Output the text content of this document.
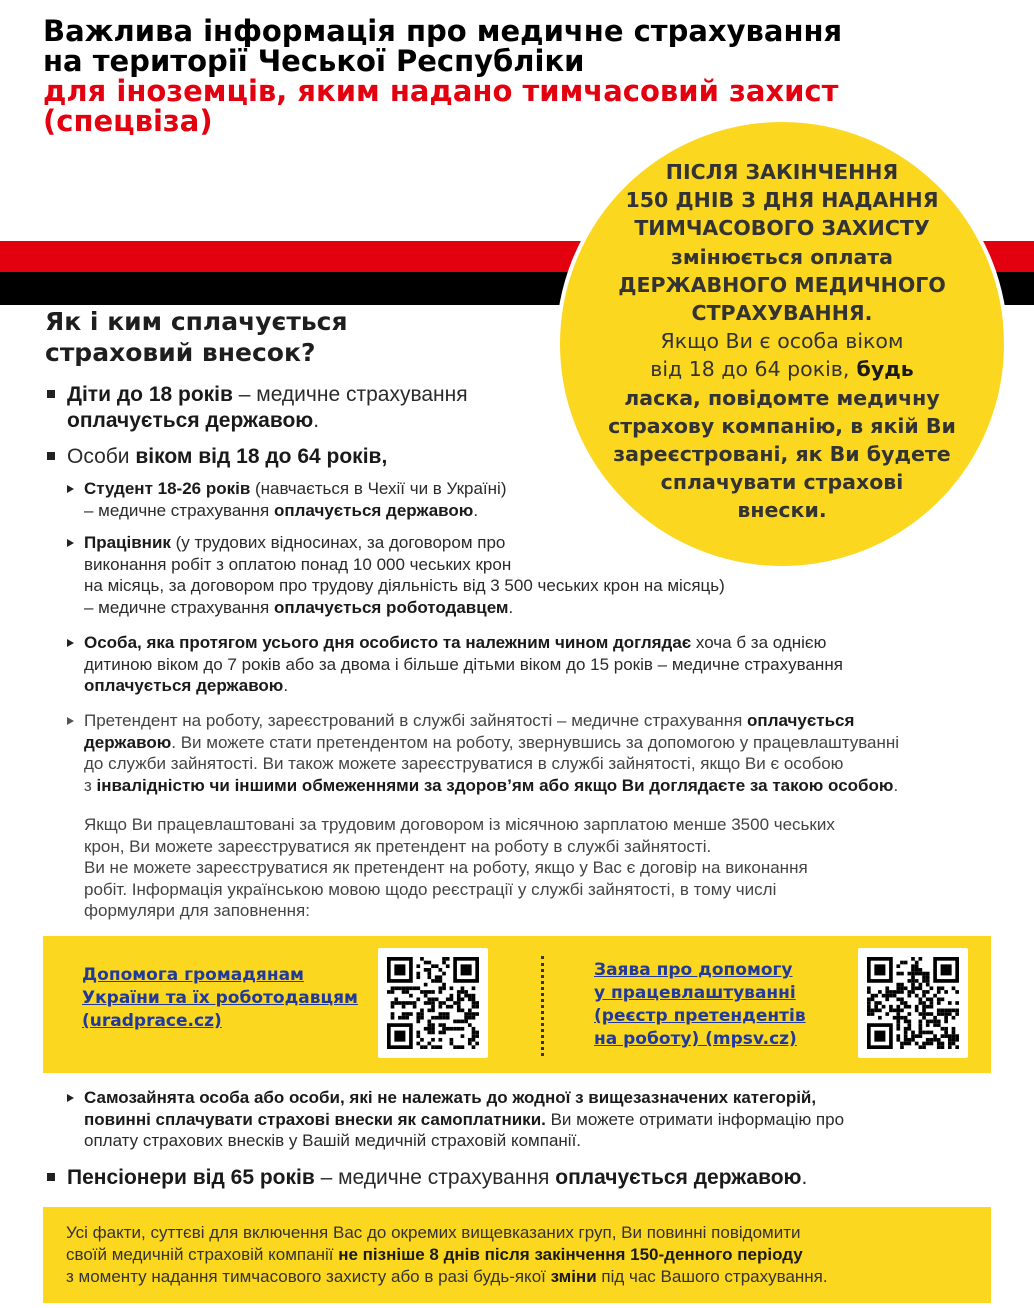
Важлива інформація про медичне страхування
на території Чеської Республіки
для іноземців, яким надано тимчасовий захист
(спецвіза)

ПІСЛЯ ЗАКІНЧЕННЯ

150 ДНІВ З ДНЯ НАДАННЯ

ТИМЧАСОВОГО ЗАХИСТУ

змінюється оплата

ДЕРЖАВНОГО МЕДИЧНОГО

СТРАХУВАННЯ.

Якщо Ви є особа віком

від 18 до 64 років, будь

ласка, повідомте медичну

страхову компанію, в якій Ви

зареєстровані, як Ви будете

сплачувати страхові

внески.

Як і ким сплачується
страховий внесок?
Діти до 18 років – медичне страхування
оплачується державою.
Особи віком від 18 до 64 років,
Студент 18-26 років (навчається в Чехії чи в Україні)
– медичне страхування оплачується державою.
Працівник (у трудових відносинах, за договором про
виконання робіт з оплатою понад 10 000 чеських крон
на місяць, за договором про трудову діяльність від 3 500 чеських крон на місяць)
– медичне страхування оплачується роботодавцем.
Особа, яка протягом усього дня особисто та належним чином доглядає хоча б за однією
дитиною віком до 7 років або за двома і більше дітьми віком до 15 років – медичне страхування
оплачується державою.
Претендент на роботу, зареєстрований в службі зайнятості – медичне страхування оплачується
державою. Ви можете стати претендентом на роботу, звернувшись за допомогою у працевлаштуванні
до служби зайнятості. Ви також можете зареєструватися в службі зайнятості, якщо Ви є особою
з інвалідністю чи іншими обмеженнями за здоров’ям або якщо Ви доглядаєте за такою особою.
Якщо Ви працевлаштовані за трудовим договором із місячною зарплатою менше 3500 чеських
крон, Ви можете зареєструватися як претендент на роботу в службі зайнятості.
Ви не можете зареєструватися як претендент на роботу, якщо у Вас є договір на виконання
робіт. Інформація українською мовою щодо реєстрації у службі зайнятості, в тому числі
формуляри для заповнення:
Допомога громадянам
України та їх роботодавцям
(uradprace.cz)
Заява про допомогу
у працевлаштуванні
(реєстр претендентів
на роботу) (mpsv.cz)
Самозайнята особа або особи, які не належать до жодної з вищезазначених категорій,
повинні сплачувати страхові внески як самоплатники. Ви можете отримати інформацію про
оплату страхових внесків у Вашій медичній страховій компанії.
Пенсіонери від 65 років – медичне страхування оплачується державою.
Усі факти, суттєві для включення Вас до окремих вищевказаних груп, Ви повинні повідомити
своїй медичній страховій компанії не пізніше 8 днів після закінчення 150-денного періоду
з моменту надання тимчасового захисту або в разі будь-якої зміни під час Вашого страхування.
